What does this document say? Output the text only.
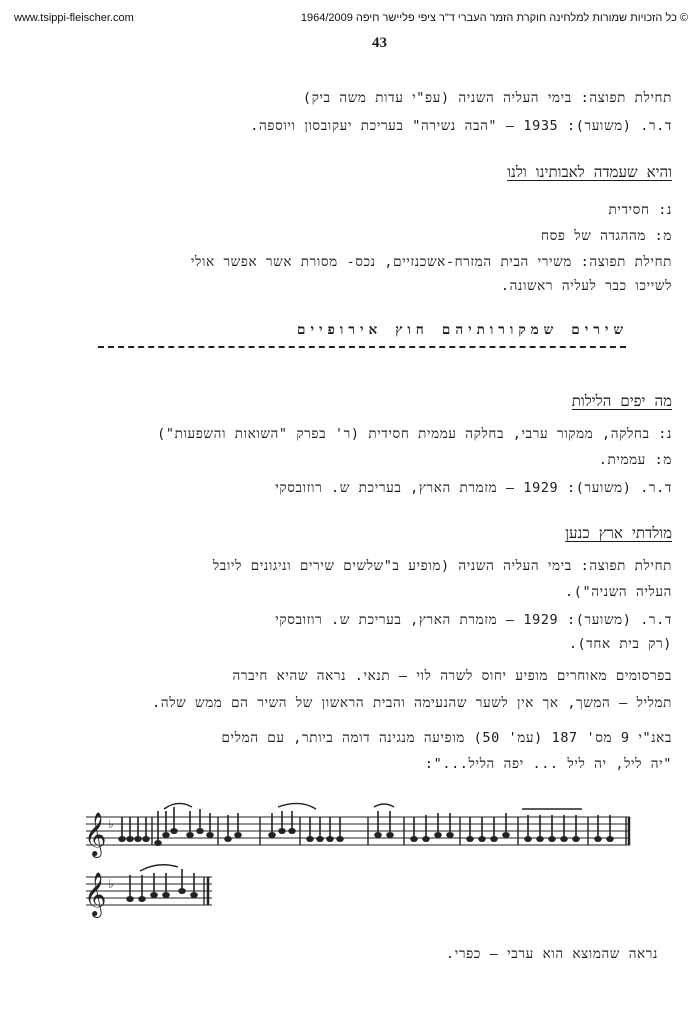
www.tsippi-fleischer.com	© כל הזכויות שמורות למלחינה חוקרת הזמר העברי ד"ר ציפי פליישר חיפה 1964/2009
43
תחילת תפוצה: בימי העליה השניה (עפ"י עדות משה ביק)
ד.ר. (משוער): 1935 – "הבה נשירה" בעריכת יעקובסון ויוספה.
והיא שעמדה לאבותינו ולנו
נ: חסידית
מ: מההגדה של פסח
תחילת תפוצה: משירי הבית המזרח-אשכנזיים, נכס- מסורת אשר אפשר אולי
לשייכו כבר לעליה ראשונה.
שירים שמקורותיהם חוץ אירופיים
מה יפים הלילות
נ: בחלקה, ממקור ערבי, בחלקה עממית חסידית (ר' בפרק "השואות והשפעות")
מ: עממית.
ד.ר. (משוער): 1929 – מזמרת הארץ, בעריכת ש. רוזובסקי
מולדתי ארץ כנען
תחילת תפוצה: בימי העליה השניה (מופיע ב"שלשים שירים וניגונים ליובל
העליה השניה").
ד.ר. (משוער): 1929 – מזמרת הארץ, בעריכת ש. רוזובסקי
(רק בית אחד).
בפרסומים מאוחרים מופיע יחוס לשרה לוי – תנאי. נראה שהיא חיברה
תמליל – המשך, אך אין לשער שהנעימה והבית הראשון של השיר הם ממש שלה.
באנ"י 9 מס' 187 (עמ' 50) מופיעה מנגינה דומה ביותר, עם המלים
"יה ליל, יה ליל ... יפה הליל...":
𝄞
𝄞
♭
♭
נראה שהמוצא הוא ערבי – כפרי.
